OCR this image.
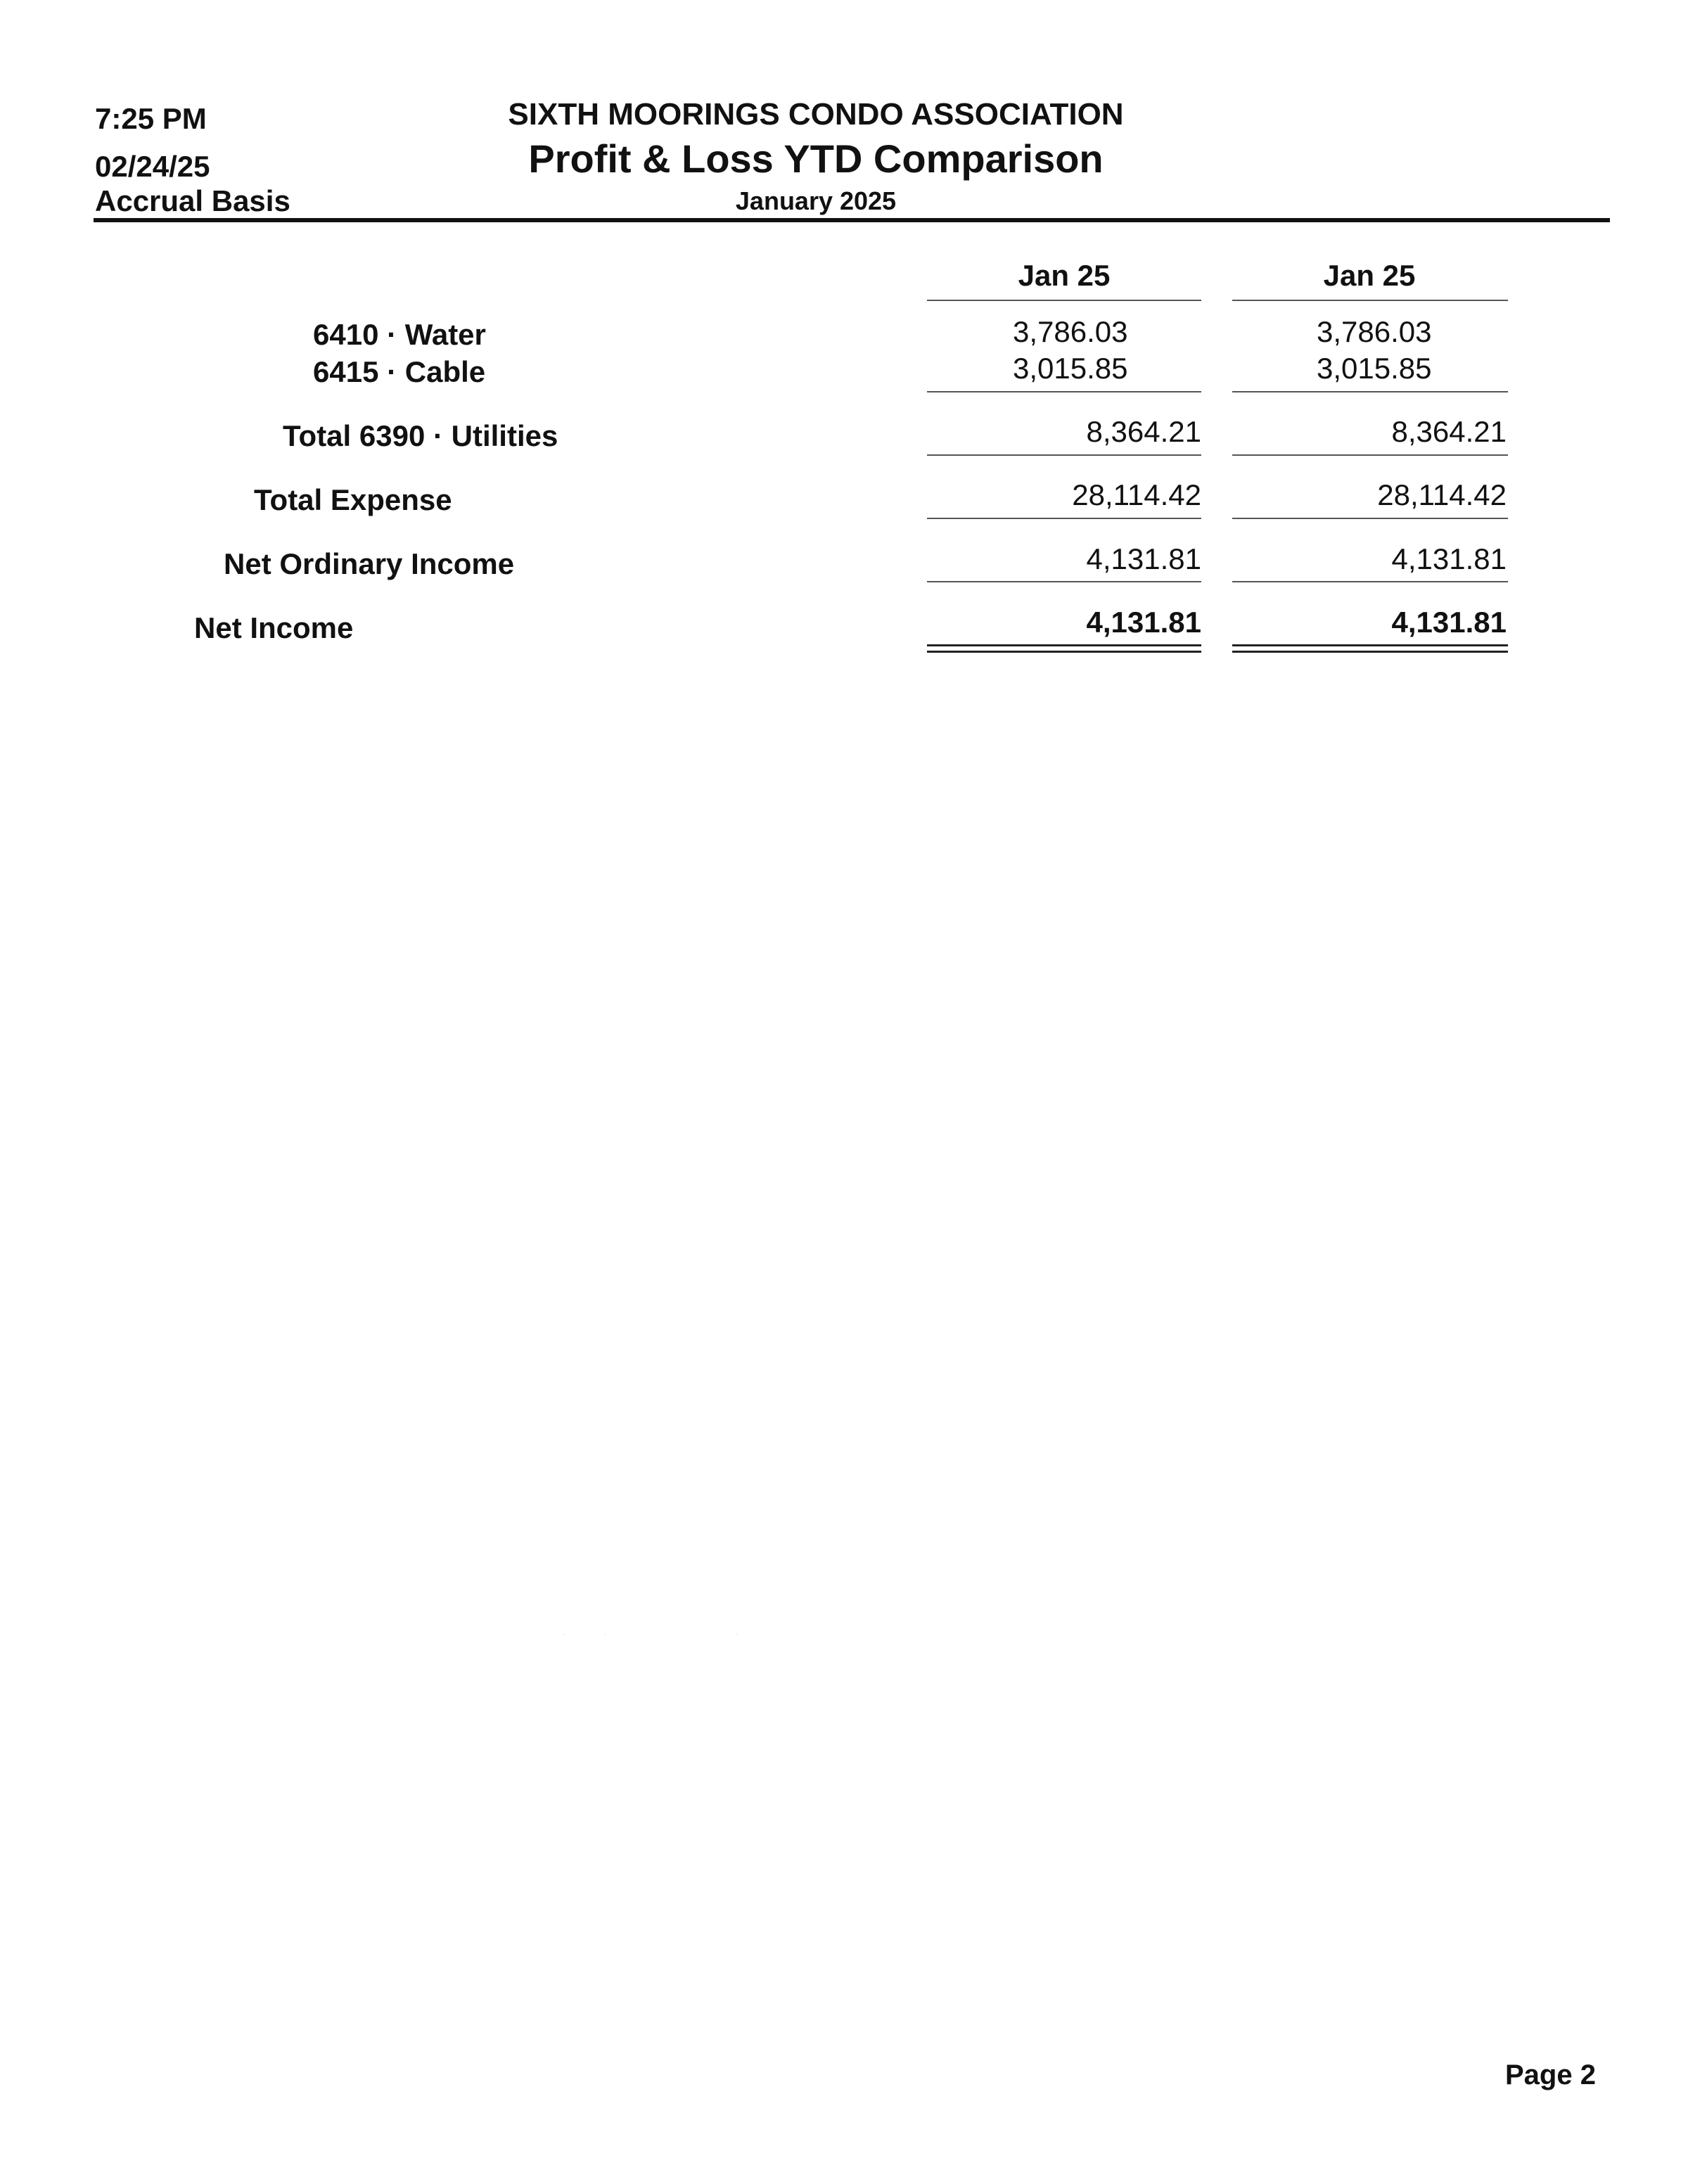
7:25 PM
02/24/25
Accrual Basis
SIXTH MOORINGS CONDO ASSOCIATION
Profit & Loss YTD Comparison
January 2025
Jan 25	Jan 25
6410 · Water	3,786.03	3,786.03
6415 · Cable	3,015.85	3,015.85
Total 6390 · Utilities	8,364.21	8,364.21
Total Expense	28,114.42	28,114.42
Net Ordinary Income	4,131.81	4,131.81
Net Income	4,131.81	4,131.81
·                    ·                                                                  ·
Page 2
